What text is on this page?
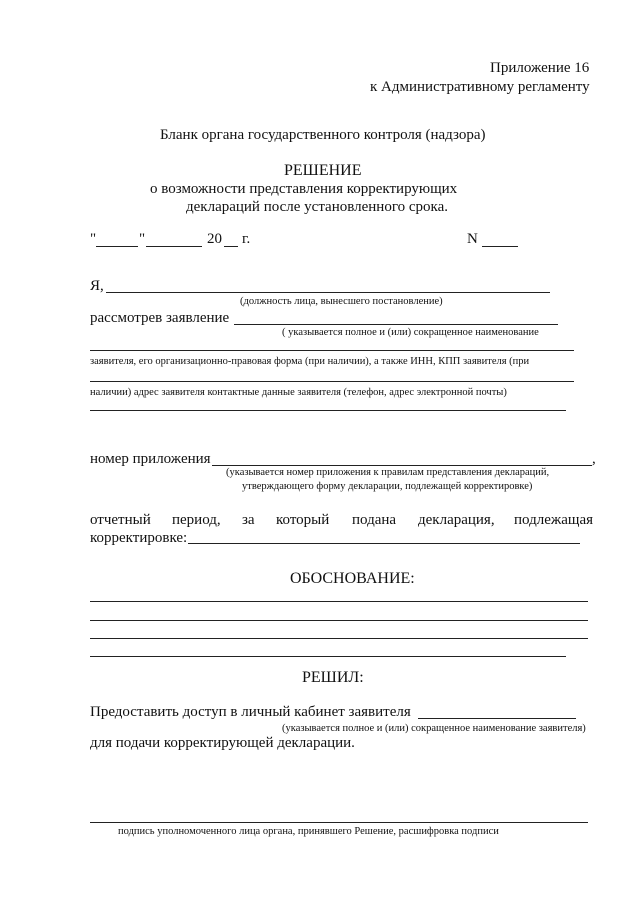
Приложение 16
к Административному регламенту
Бланк органа государственного контроля (надзора)
РЕШЕНИЕ
о возможности представления корректирующих
деклараций после установленного срока.
"	"	20 г.	N
Я,
(должность лица, вынесшего постановление)
рассмотрев заявление
( указывается полное и (или) сокращенное наименование
заявителя, его организационно-правовая форма (при наличии), а также ИНН, КПП заявителя (при
наличии) адрес заявителя контактные данные заявителя (телефон, адрес электронной почты)
номер приложения	,
(указывается номер приложения к правилам представления деклараций,
утверждающего форму декларации, подлежащей корректировке)
отчетный период, за который подана декларация, подлежащая
корректировке:
ОБОСНОВАНИЕ:
РЕШИЛ:
Предоставить доступ в личный кабинет заявителя
(указывается полное и (или) сокращенное наименование заявителя)
для подачи корректирующей декларации.
подпись уполномоченного лица органа, принявшего Решение, расшифровка подписи
